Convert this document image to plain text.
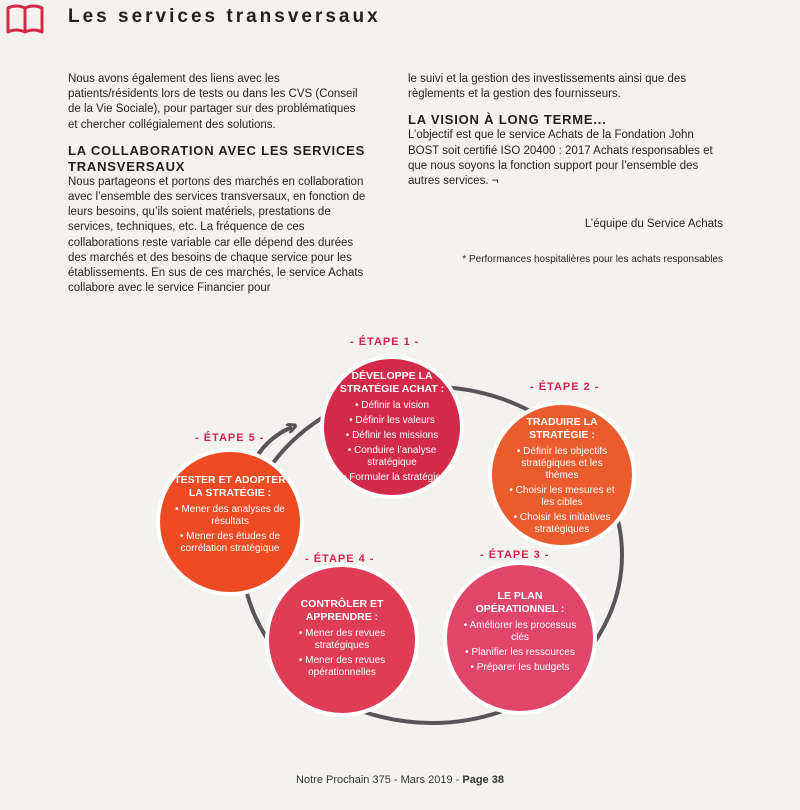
Les services transversaux

Nous avons également des liens avec les patients/résidents lors de tests ou dans les CVS (Conseil de la Vie Sociale), pour partager sur des problématiques et chercher collégialement des solutions.

LA COLLABORATION AVEC LES SERVICES TRANSVERSAUX

Nous partageons et portons des marchés en collaboration avec l’ensemble des services transversaux, en fonction de leurs besoins, qu’ils soient matériels, prestations de services, techniques, etc. La fréquence de ces collaborations reste variable car elle dépend des durées des marchés et des besoins de chaque service pour les établissements. En sus de ces marchés, le service Achats collabore avec le service Financier pour

le suivi et la gestion des investissements ainsi que des règlements et la gestion des fournisseurs.

LA VISION À LONG TERME...

L’objectif est que le service Achats de la Fondation John BOST soit certifié ISO 20400 : 2017 Achats responsables et que nous soyons la fonction support pour l’ensemble des autres services. ¬

L’équipe du Service Achats
* Performances hospitalières pour les achats responsables
- ÉTAPE 1 -
- ÉTAPE 2 -
- ÉTAPE 3 -
- ÉTAPE 4 -
- ÉTAPE 5 -
DÉVELOPPE LA STRATÉGIE ACHAT :
• Définir la vision
• Définir les valeurs
• Définir les missions
• Conduire l’analyse stratégique
• Formuler la stratégie
TRADUIRE LA STRATÉGIE :
• Définir les objectifs stratégiques et les thèmes
• Choisir les mesures et les cibles
• Choisir les initiatives stratégiques
LE PLAN OPÉRATIONNEL :
• Améliorer les processus clés
• Planifier les ressources
• Préparer les budgets
CONTRÔLER ET APPRENDRE :
• Mener des revues stratégiques
• Mener des revues opérationnelles
TESTER ET ADOPTER LA STRATÉGIE :
• Mener des analyses de résultats
• Mener des études de corrélation stratégique
Notre Prochain 375 - Mars 2019 - Page 38
